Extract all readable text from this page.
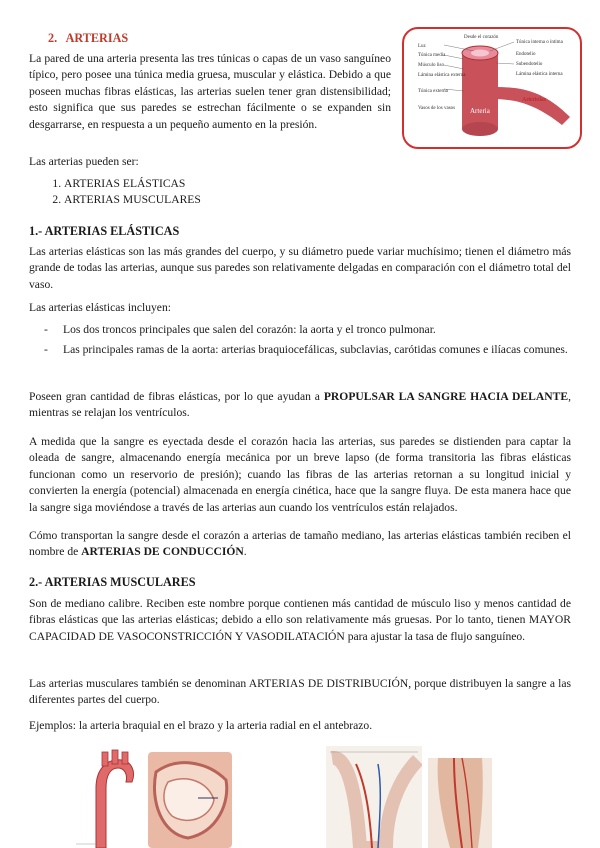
2. ARTERIAS

La pared de una arteria presenta las tres túnicas o capas de un vaso sanguíneo típico, pero posee una túnica media gruesa, muscular y elástica. Debido a que poseen muchas fibras elásticas, las arterias suelen tener gran distensibilidad; esto significa que sus paredes se estrechan fácilmente o se expanden sin desgarrarse, en respuesta a un pequeño aumento en la presión.

Las arterias pueden ser:

1. ARTERIAS ELÁSTICAS
2. ARTERIAS MUSCULARES
Desde el corazón
Luz
Túnica media
Músculo liso
Lámina elástica externa
Túnica externa
Vasos de los vasos
Túnica interna o íntima
Endotelio
Subendotelio
Lámina elástica interna
Arteria
Arteriolas
1.- ARTERIAS ELÁSTICAS

Las arterias elásticas son las más grandes del cuerpo, y su diámetro puede variar muchísimo; tienen el diámetro más grande de todas las arterias, aunque sus paredes son relativamente delgadas en comparación con el diámetro total del vaso.

Las arterias elásticas incluyen:

- Los dos troncos principales que salen del corazón: la aorta y el tronco pulmonar.
- Las principales ramas de la aorta: arterias braquiocefálicas, subclavias, carótidas comunes e ilíacas comunes.

Poseen gran cantidad de fibras elásticas, por lo que ayudan a PROPULSAR LA SANGRE HACIA DELANTE, mientras se relajan los ventrículos.

A medida que la sangre es eyectada desde el corazón hacia las arterias, sus paredes se distienden para captar la oleada de sangre, almacenando energía mecánica por un breve lapso (de forma transitoria las fibras elásticas funcionan como un reservorio de presión); cuando las fibras de las arterias retornan a su longitud inicial y convierten la energía (potencial) almacenada en energía cinética, hace que la sangre fluya. De esta manera hace que la sangre siga moviéndose a través de las arterias aun cuando los ventrículos están relajados.

Cómo transportan la sangre desde el corazón a arterias de tamaño mediano, las arterias elásticas también reciben el nombre de ARTERIAS DE CONDUCCIÓN.

2.- ARTERIAS MUSCULARES

Son de mediano calibre. Reciben este nombre porque contienen más cantidad de músculo liso y menos cantidad de fibras elásticas que las arterias elásticas; debido a ello son relativamente más gruesas. Por lo tanto, tienen MAYOR CAPACIDAD DE VASOCONSTRICCIÓN Y VASODILATACIÓN para ajustar la tasa de flujo sanguíneo.

Las arterias musculares también se denominan ARTERIAS DE DISTRIBUCIÓN, porque distribuyen la sangre a las diferentes partes del cuerpo.

Ejemplos: la arteria braquial en el brazo y la arteria radial en el antebrazo.
